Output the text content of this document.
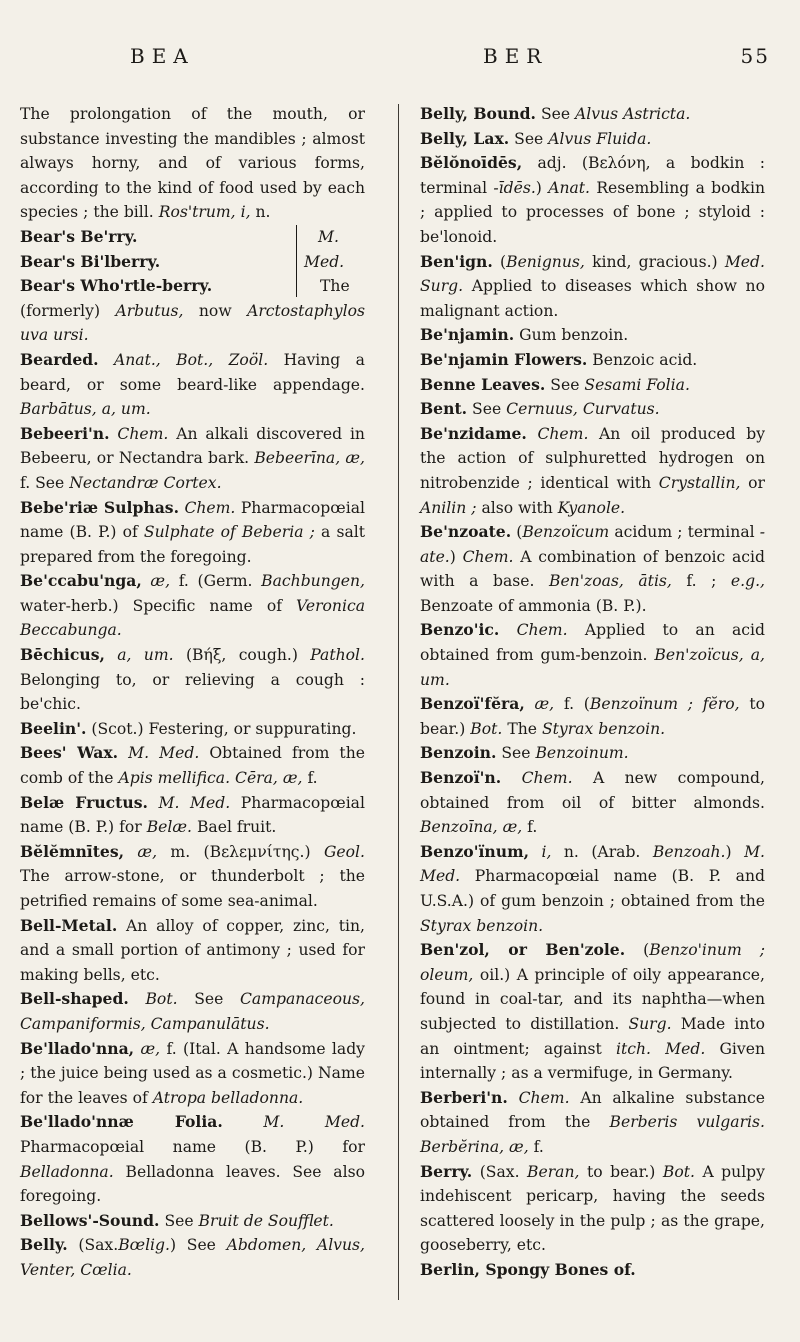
BEA	BER	55

The prolongation of the mouth, or substance investing the mandibles ; almost always horny, and of various forms, according to the kind of food used by each species ; the bill. Ros'trum, i, n.

Bear's Be'rry.
Bear's Bi'lberry.
Bear's Who'rtle-berry.
M.
Med.
The

(formerly) Arbutus, now Arctostaphylos uva ursi.

Bearded. Anat., Bot., Zoöl. Having a beard, or some beard-like appendage. Barbātus, a, um.

Bebeeri'n. Chem. An alkali discovered in Bebeeru, or Nectandra bark. Bebeerīna, æ, f. See Nectandræ Cortex.

Bebe'riæ Sulphas. Chem. Pharmacopœial name (B. P.) of Sulphate of Beberia ; a salt prepared from the foregoing.

Be'ccabu'nga, æ, f. (Germ. Bachbungen, water-herb.) Specific name of Veronica Beccabunga.

Bēchicus, a, um. (Βήξ, cough.) Pathol. Belonging to, or relieving a cough : be'chic.

Beelin'. (Scot.) Festering, or suppurating.

Bees' Wax. M. Med. Obtained from the comb of the Apis mellifica. Cēra, æ, f.

Belæ Fructus. M. Med. Pharmacopœial name (B. P.) for Belæ. Bael fruit.

Bĕlĕmnītes, æ, m. (Βελεμνίτης.) Geol. The arrow-stone, or thunderbolt ; the petrified remains of some sea-animal.

Bell-Metal. An alloy of copper, zinc, tin, and a small portion of antimony ; used for making bells, etc.

Bell-shaped. Bot. See Campanaceous, Campaniformis, Campanulātus.

Be'llado'nna, æ, f. (Ital. A handsome lady ; the juice being used as a cosmetic.) Name for the leaves of Atropa belladonna.

Be'llado'nnæ Folia.	M. Med. Pharmacopœial name (B. P.) for Belladonna. Belladonna leaves. See also foregoing.

Bellows'-Sound. See Bruit de Soufflet.

Belly. (Sax.Bœlig.) See Abdomen, Alvus, Venter, Cœlia.

Belly, Bound. See Alvus Astricta.

Belly, Lax. See Alvus Fluida.

Bĕlŏnoīdēs, adj. (Βελόνη, a bodkin : terminal -īdēs.) Anat. Resembling a bodkin ; applied to processes of bone ; styloid : be'lonoid.

Ben'ign. (Benignus, kind, gracious.) Med. Surg. Applied to diseases which show no malignant action.

Be'njamin. Gum benzoin.

Be'njamin Flowers. Benzoic acid.

Benne Leaves. See Sesami Folia.

Bent. See Cernuus, Curvatus.

Be'nzidame. Chem. An oil produced by the action of sulphuretted hydrogen on nitrobenzide ; identical with Crystallin, or Anilin ; also with Kyanole.

Be'nzoate. (Benzoïcum acidum ; terminal -ate.) Chem. A combination of benzoic acid with a base. Ben'zoas, ātis, f. ; e.g., Benzoate of ammonia (B. P.).

Benzo'ic. Chem. Applied to an acid obtained from gum-benzoin. Ben'zoïcus, a, um.

Benzoï'fĕra, æ, f. (Benzoïnum ; fĕro, to bear.) Bot. The Styrax benzoin.

Benzoin. See Benzoinum.

Benzoï'n. Chem. A new compound, obtained from oil of bitter almonds. Benzoīna, æ, f.

Benzo'ïnum, i, n. (Arab. Benzoah.) M. Med. Pharmacopœial name (B. P. and U.S.A.) of gum benzoin ; obtained from the Styrax benzoin.

Ben'zol, or Ben'zole. (Benzo'inum ; oleum, oil.) A principle of oily appearance, found in coal-tar, and its naphtha—when subjected to distillation. Surg. Made into an ointment; against itch. Med. Given internally ; as a vermifuge, in Germany.

Berberi'n. Chem. An alkaline substance obtained from the Berberis vulgaris. Berbĕrina, æ, f.

Berry. (Sax. Beran, to bear.) Bot. A pulpy indehiscent pericarp, having the seeds scattered loosely in the pulp ; as the grape, gooseberry, etc.

Berlin, Spongy Bones of.
